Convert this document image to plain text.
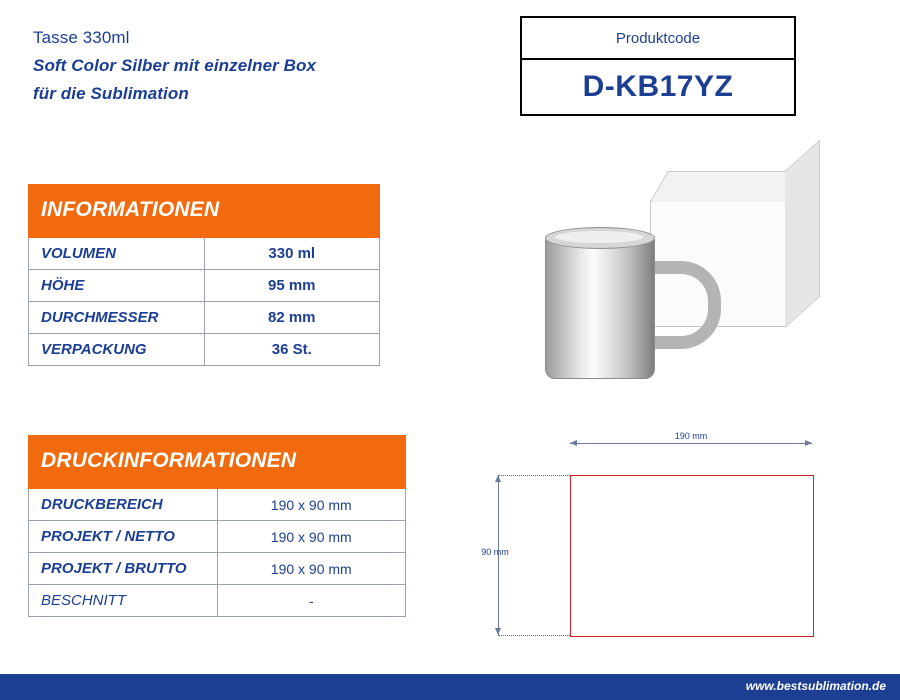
Tasse 330ml
Soft Color Silber mit einzelner Box
für die Sublimation
Produktcode
D-KB17YZ
INFORMATIONEN	
VOLUMEN	330 ml
HÖHE	95 mm
DURCHMESSER	82 mm
VERPACKUNG	36 St.
DRUCKINFORMATIONEN	
DRUCKBEREICH	190 x 90 mm
PROJEKT / NETTO	190 x 90 mm
PROJEKT / BRUTTO	190 x 90 mm
BESCHNITT	-
190 mm
90 mm
www.bestsublimation.de
